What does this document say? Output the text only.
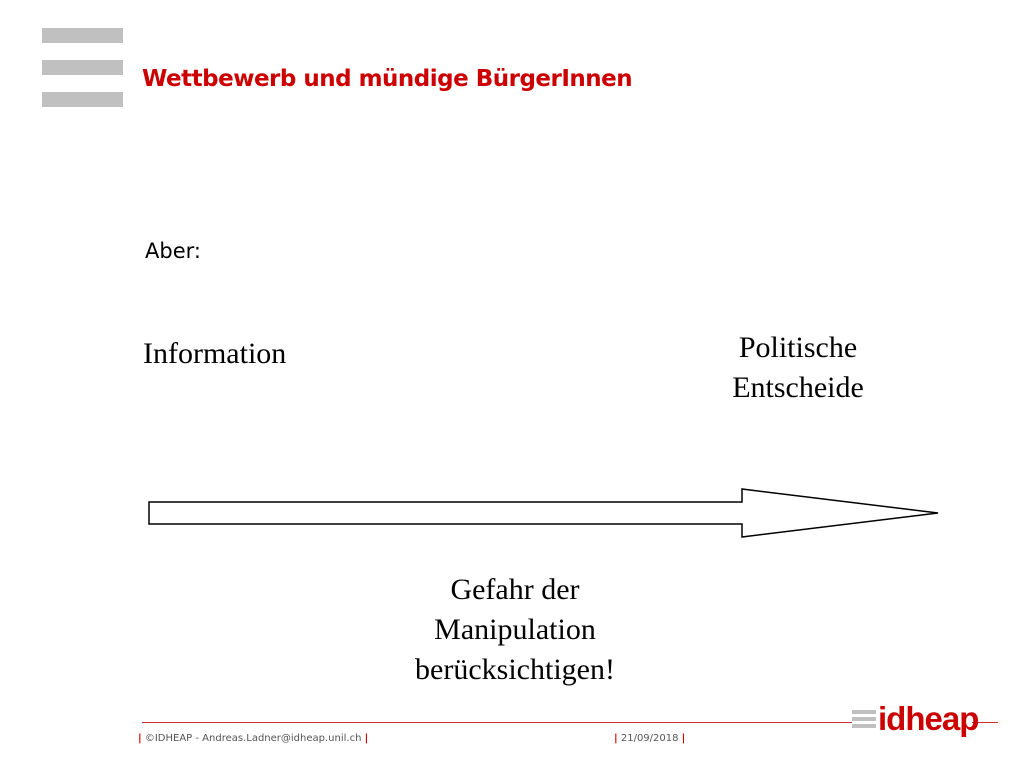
Wettbewerb und mündige BürgerInnen
Aber:
Information	Politische
Entscheide
Gefahr der
Manipulation
berücksichtigen!
| ©IDHEAP - Andreas.Ladner@idheap.unil.ch |	| 21/09/2018 |
idheap
